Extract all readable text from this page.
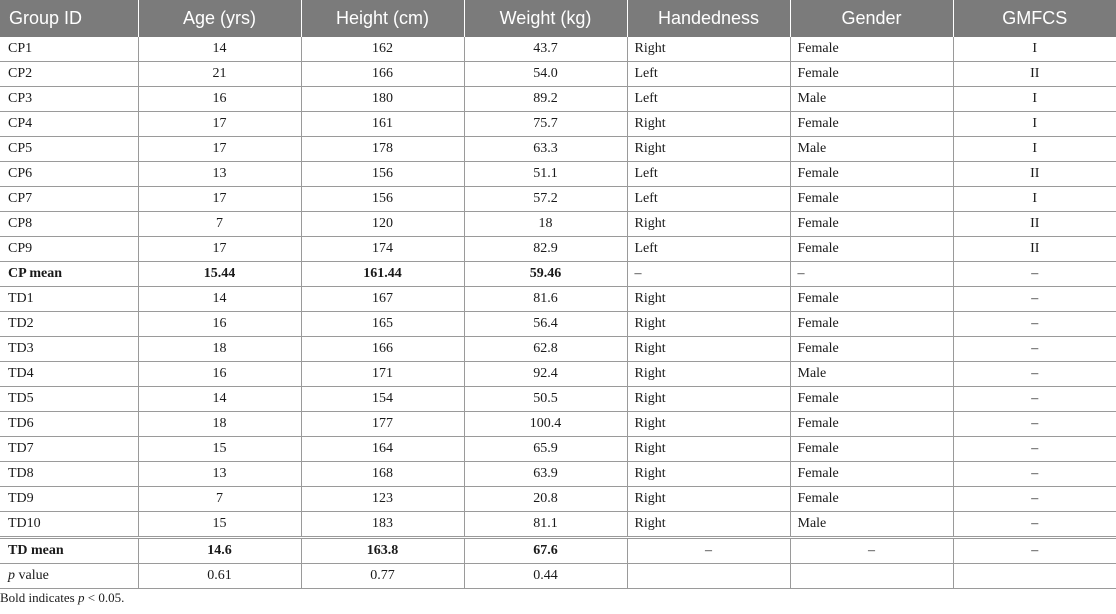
Group ID	Age (yrs)	Height (cm)	Weight (kg)	Handedness	Gender	GMFCS
CP1	14	162	43.7	Right	Female	I
CP2	21	166	54.0	Left	Female	II
CP3	16	180	89.2	Left	Male	I
CP4	17	161	75.7	Right	Female	I
CP5	17	178	63.3	Right	Male	I
CP6	13	156	51.1	Left	Female	II
CP7	17	156	57.2	Left	Female	I
CP8	7	120	18	Right	Female	II
CP9	17	174	82.9	Left	Female	II
CP mean	15.44	161.44	59.46	–	–	–
TD1	14	167	81.6	Right	Female	–
TD2	16	165	56.4	Right	Female	–
TD3	18	166	62.8	Right	Female	–
TD4	16	171	92.4	Right	Male	–
TD5	14	154	50.5	Right	Female	–
TD6	18	177	100.4	Right	Female	–
TD7	15	164	65.9	Right	Female	–
TD8	13	168	63.9	Right	Female	–
TD9	7	123	20.8	Right	Female	–
TD10	15	183	81.1	Right	Male	–
TD mean	14.6	163.8	67.6	–	–	–
p value	0.61	0.77	0.44			
Bold indicates p < 0.05.
